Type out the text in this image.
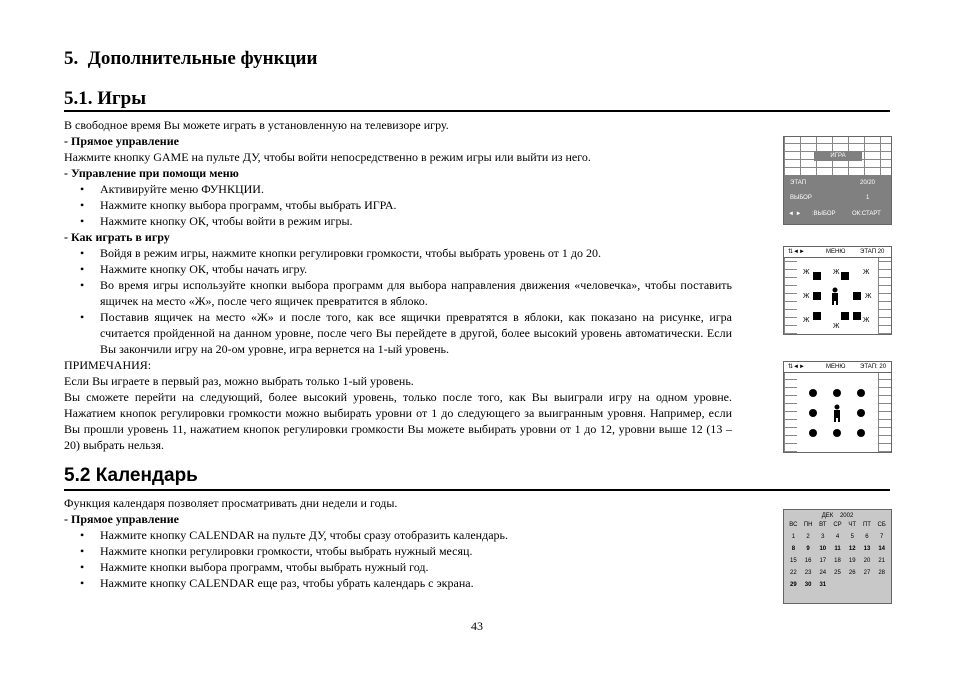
5.  Дополнительные функции
5.1. Игры

В свободное время Вы можете играть в установленную на телевизоре игру.

- Прямое управление

Нажмите кнопку GAME на пульте ДУ, чтобы войти непосредственно в режим игры или выйти из него.

- Управление при помощи меню

• Активируйте меню ФУНКЦИИ.
• Нажмите кнопку выбора программ, чтобы выбрать ИГРА.
• Нажмите кнопку ОК, чтобы войти в режим игры.

- Как играть в игру

• Войдя в режим игры, нажмите кнопки регулировки громкости, чтобы выбрать уровень от 1 до 20.
• Нажмите кнопку ОК, чтобы начать игру.
• Во время игры используйте кнопки выбора программ для выбора направления движения «человечка», чтобы поставить ящичек на место «Ж», после чего ящичек превратится в яблоко.
• Поставив ящичек на место «Ж» и после того, как все ящички превратятся в яблоки, как показано на рисунке, игра считается пройденной на данном уровне, после чего Вы перейдете в другой, более высокий уровень автоматически. Если Вы закончили игру на 20-ом уровне, игра вернется на 1-ый уровень.

ПРИМЕЧАНИЯ:

Если Вы играете в первый раз, можно выбрать только 1-ый уровень.

Вы сможете перейти на следующий, более высокий уровень, только после того, как Вы выиграли игру на одном уровне. Нажатием кнопок регулировки громкости можно выбирать уровни от 1 до следующего за выигранным уровня. Например, если Вы прошли уровень 11, нажатием кнопок регулировки громкости Вы можете выбирать уровни от 1 до 12, уровни выше 12 (13 – 20) выбрать нельзя.

5.2 Календарь

Функция календаря позволяет просматривать дни недели и годы.

- Прямое управление

• Нажмите кнопку CALENDAR на пульте ДУ, чтобы сразу отобразить календарь.
• Нажмите кнопки регулировки громкости, чтобы выбрать нужный месяц.
• Нажмите кнопки выбора программ, чтобы выбрать нужный год.
• Нажмите кнопку CALENDAR еще раз, чтобы убрать календарь с экрана.
ИГРА
ЭТАП	20/20
ВЫБОР	1
◄ ► :ВЫБОР	ОК:СТАРТ
⇅◄►	МЕНЮ ЭТАП 20
Ж	Ж	Ж
Ж	Ж
Ж
Ж
Ж
⇅◄►	МЕНЮ ЭТАП: 20
ДЕК 2002
ВС	ПН	ВТ	СР	ЧТ	ПТ	СБ
1	2	3	4	5	6	7
8	9	10	11	12	13	14
15	16	17	18	19	20	21
22	23	24	25	26	27	28
29	30	31
43
